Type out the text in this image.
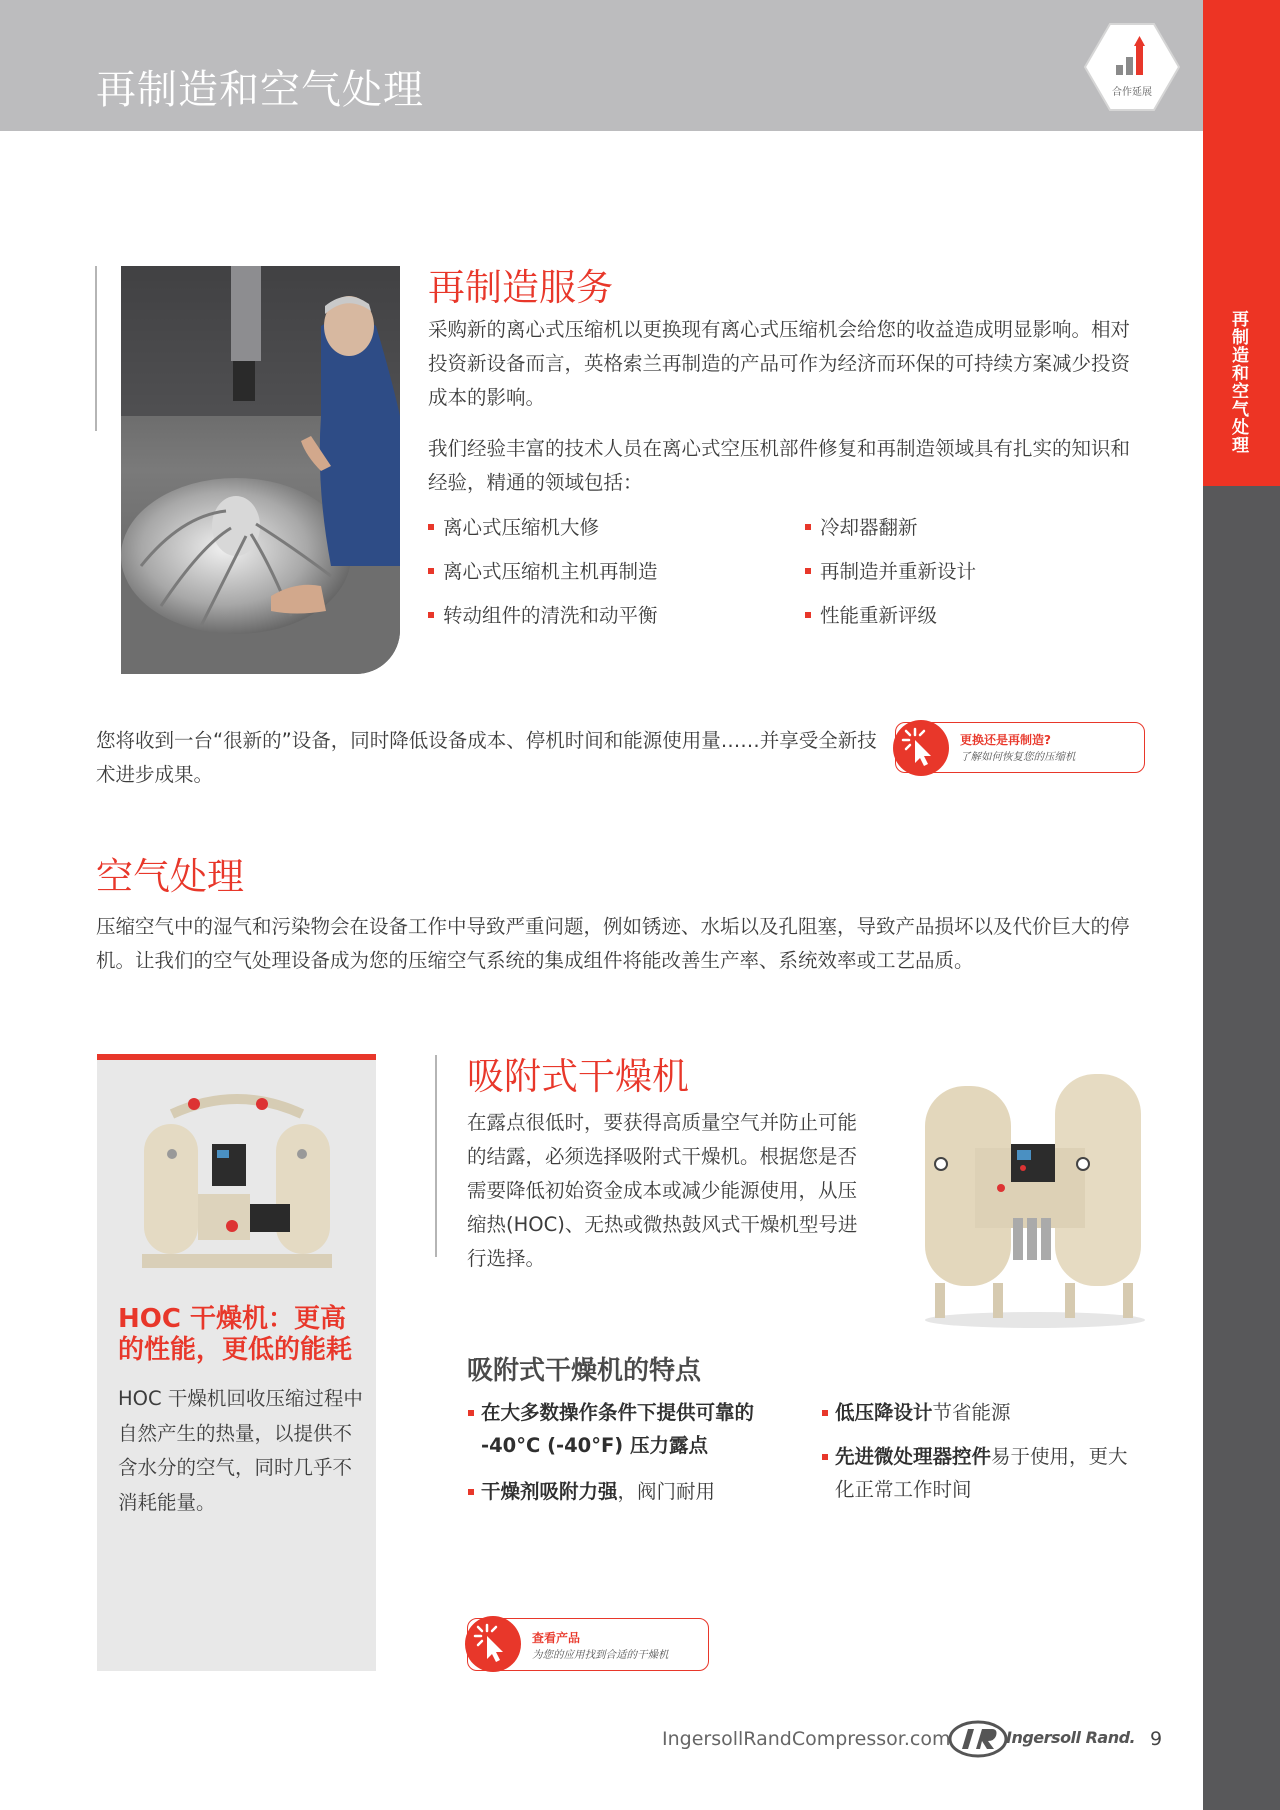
再制造和空气处理	合作延展
再制造和空气处理
再制造服务

采购新的离心式压缩机以更换现有离心式压缩机会给您的收益造成明显影响。相对投资新设备而言，英格索兰再制造的产品可作为经济而环保的可持续方案减少投资成本的影响。

我们经验丰富的技术人员在离心式空压机部件修复和再制造领域具有扎实的知识和经验，精通的领域包括：

离心式压缩机大修
离心式压缩机主机再制造
转动组件的清洗和动平衡
冷却器翻新
再制造并重新设计
性能重新评级

您将收到一台“很新的”设备，同时降低设备成本、停机时间和能源使用量……并享受全新技术进步成果。

更换还是再制造?
了解如何恢复您的压缩机
空气处理

压缩空气中的湿气和污染物会在设备工作中导致严重问题，例如锈迹、水垢以及孔阻塞，导致产品损坏以及代价巨大的停机。让我们的空气处理设备成为您的压缩空气系统的集成组件将能改善生产率、系统效率或工艺品质。

HOC 干燥机：更高的性能，更低的能耗
HOC 干燥机回收压缩过程中自然产生的热量，以提供不含水分的空气，同时几乎不消耗能量。
吸附式干燥机

在露点很低时，要获得高质量空气并防止可能的结露，必须选择吸附式干燥机。根据您是否需要降低初始资金成本或减少能源使用，从压缩热(HOC)、无热或微热鼓风式干燥机型号进行选择。

吸附式干燥机的特点
在大多数操作条件下提供可靠的 -40°C (-40°F) 压力露点
干燥剂吸附力强，阀门耐用
低压降设计节省能源
先进微处理器控件易于使用，更大化正常工作时间
查看产品
为您的应用找到合适的干燥机
IngersollRandCompressor.com	Ingersoll Rand. 9
